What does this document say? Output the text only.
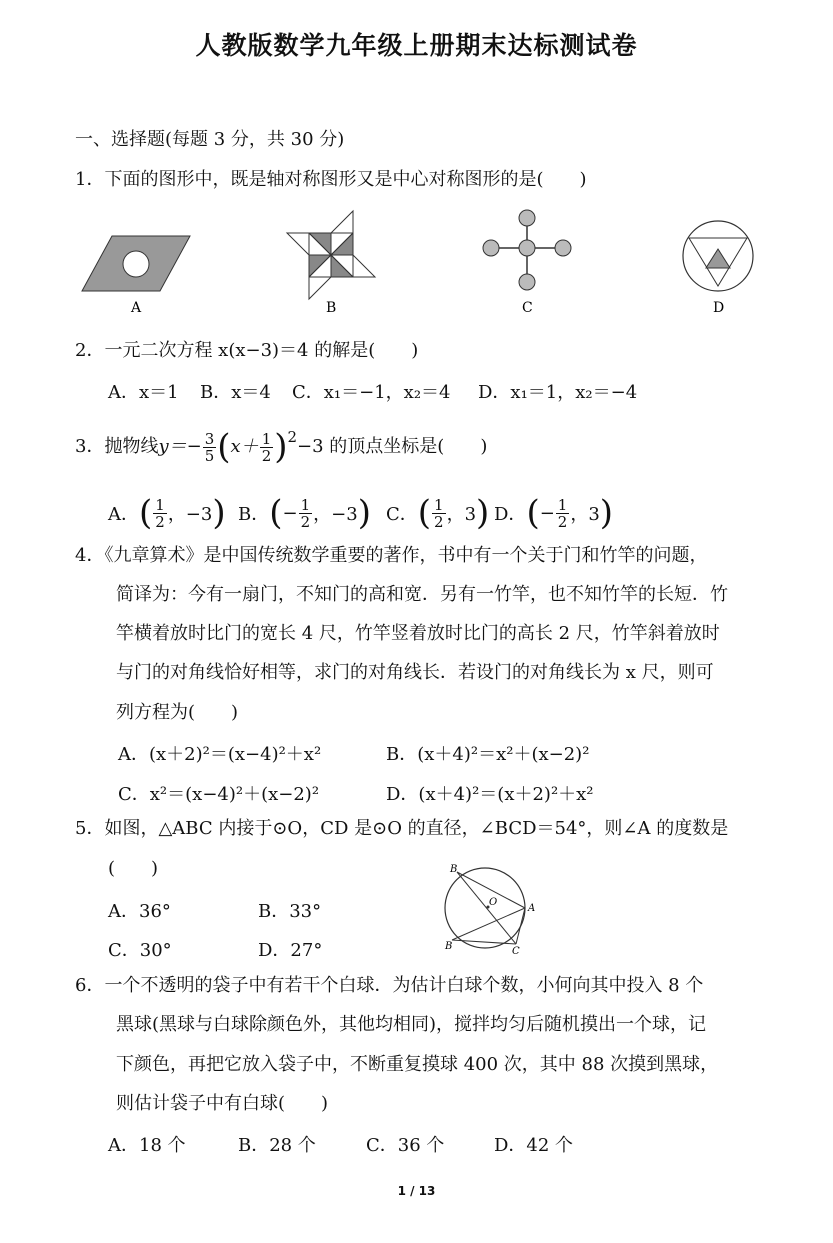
人教版数学九年级上册期末达标测试卷
一、选择题(每题 3 分，共 30 分)
1．下面的图形中，既是轴对称图形又是中心对称图形的是(　　)
A	B	C	D
2．一元二次方程 x(x−3)＝4 的解是(　　)
A．x＝1 B．x＝4 C．x₁＝−1，x₂＝4 D．x₁＝1，x₂＝−4
3．抛物线 $y=- \frac{3}{5}$ ( $x+ \frac{1}{2} )^2 -3$ 的顶点坐标是(　　)
A． ( $\frac{1}{2}$ ，−3 ) B． ( − $\frac{1}{2}$ ，−3 ) C． ( $\frac{1}{2}$ ，3 ) D． ( − $\frac{1}{2}$ ，3 )
4．《九章算术》是中国传统数学重要的著作，书中有一个关于门和竹竿的问题，
简译为：今有一扇门，不知门的高和宽．另有一竹竿，也不知竹竿的长短．竹
竿横着放时比门的宽长 4 尺，竹竿竖着放时比门的高长 2 尺，竹竿斜着放时
与门的对角线恰好相等，求门的对角线长．若设门的对角线长为 x 尺，则可
列方程为(　　)
A．(x＋2)²＝(x−4)²＋x²	B．(x＋4)²＝x²＋(x−2)²
C．x²＝(x−4)²＋(x−2)²	D．(x＋4)²＝(x＋2)²＋x²
5．如图，△ABC 内接于⊙O，CD 是⊙O 的直径，∠BCD＝54°，则∠A 的度数是
(　　)
A．36°	B．33°
C．30°	D．27°
B
O
A
B	C
6．一个不透明的袋子中有若干个白球．为估计白球个数，小何向其中投入 8 个
黑球(黑球与白球除颜色外，其他均相同)，搅拌均匀后随机摸出一个球，记
下颜色，再把它放入袋子中，不断重复摸球 400 次，其中 88 次摸到黑球，
则估计袋子中有白球(　　)
A．18 个	B．28 个	C．36 个	D．42 个
1 / 13
